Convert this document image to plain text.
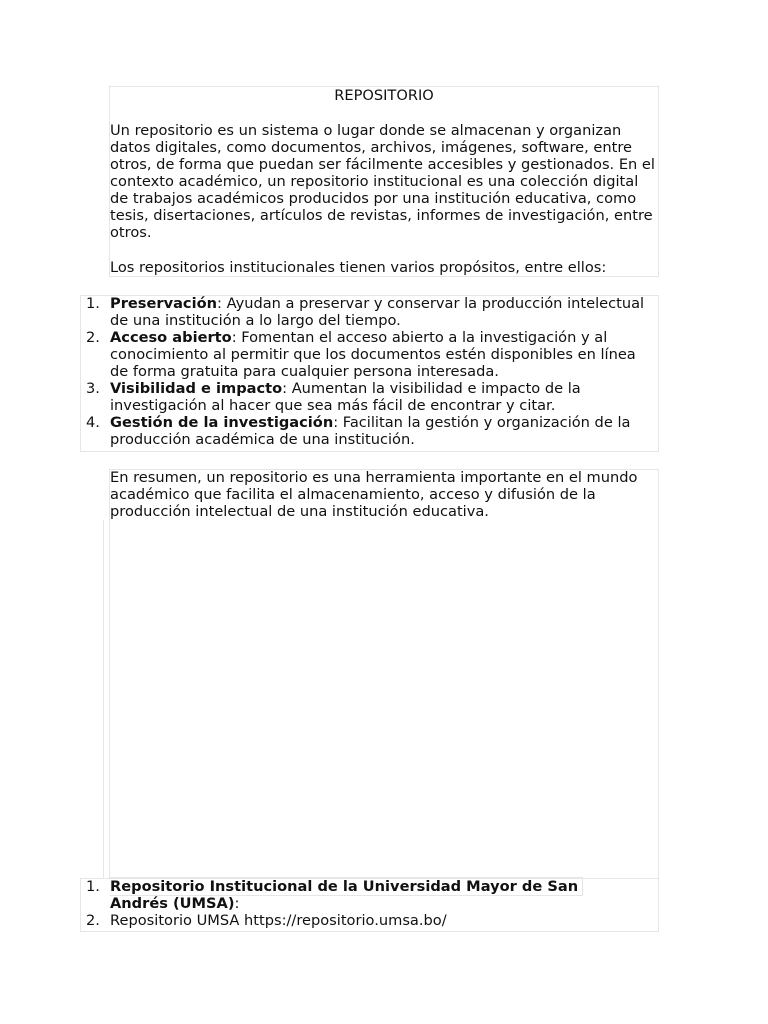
REPOSITORIO

Un repositorio es un sistema o lugar donde se almacenan y organizan datos digitales, como documentos, archivos, imágenes, software, entre otros, de forma que puedan ser fácilmente accesibles y gestionados. En el contexto académico, un repositorio institucional es una colección digital de trabajos académicos producidos por una institución educativa, como tesis, disertaciones, artículos de revistas, informes de investigación, entre otros.

Los repositorios institucionales tienen varios propósitos, entre ellos:

1. Preservación: Ayudan a preservar y conservar la producción intelectual de una institución a lo largo del tiempo.
2. Acceso abierto: Fomentan el acceso abierto a la investigación y al conocimiento al permitir que los documentos estén disponibles en línea de forma gratuita para cualquier persona interesada.
3. Visibilidad e impacto: Aumentan la visibilidad e impacto de la investigación al hacer que sea más fácil de encontrar y citar.
4. Gestión de la investigación: Facilitan la gestión y organización de la producción académica de una institución.

En resumen, un repositorio es una herramienta importante en el mundo académico que facilita el almacenamiento, acceso y difusión de la producción intelectual de una institución educativa.

1. Repositorio Institucional de la Universidad Mayor de San
Andrés (UMSA):
2. Repositorio UMSA https://repositorio.umsa.bo/
